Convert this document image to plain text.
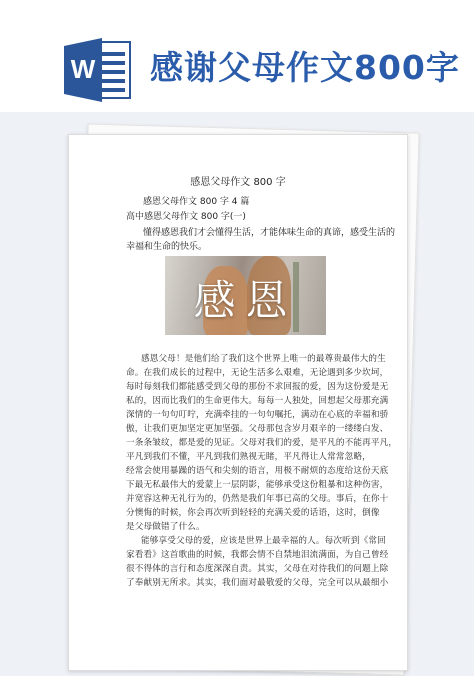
W 感谢父母作文800字
感恩父母作文 800 字
感恩父母作文 800 字 4 篇
高中感恩父母作文 800 字(一)
懂得感恩我们才会懂得生活，才能体味生命的真谛，感受生活的
幸福和生命的快乐。
感恩
感恩父母！是他们给了我们这个世界上唯一的最尊贵最伟大的生
命。在我们成长的过程中，无论生活多么艰难，无论遇到多少坎坷，
每时每刻我们都能感受到父母的那份不求回报的爱，因为这份爱是无
私的，因而比我们的生命更伟大。每每一人独处，回想起父母那充满
深情的一句句叮咛，充满牵挂的一句句嘱托，满动在心底的幸福和骄
傲，让我们更加坚定更加坚强。父母那包含岁月艰辛的一缕缕白发、
一条条皱纹，都是爱的见证。父母对我们的爱，是平凡的不能再平凡，
平凡到我们不懂，平凡到我们熟视无睹，平凡得让人常常忽略，
经常会使用暴躁的语气和尖刻的语言，用极不耐烦的态度给这份天底
下最无私最伟大的爱蒙上一层阴影，能够承受这份粗暴和这种伤害，
并宽容这种无礼行为的，仍然是我们年事已高的父母。事后，在你十
分懊悔的时候，你会再次听到轻轻的充满关爱的话语，这时，倒像
是父母做错了什么。
能够享受父母的爱，应该是世界上最幸福的人。每次听到《常回
家看看》这首歌曲的时候，我都会情不自禁地泪流满面，为自己曾经
很不得体的言行和态度深深自责。其实，父母在对待我们的问题上除
了奉献别无所求。其实，我们面对最敬爱的父母，完全可以从最细小
